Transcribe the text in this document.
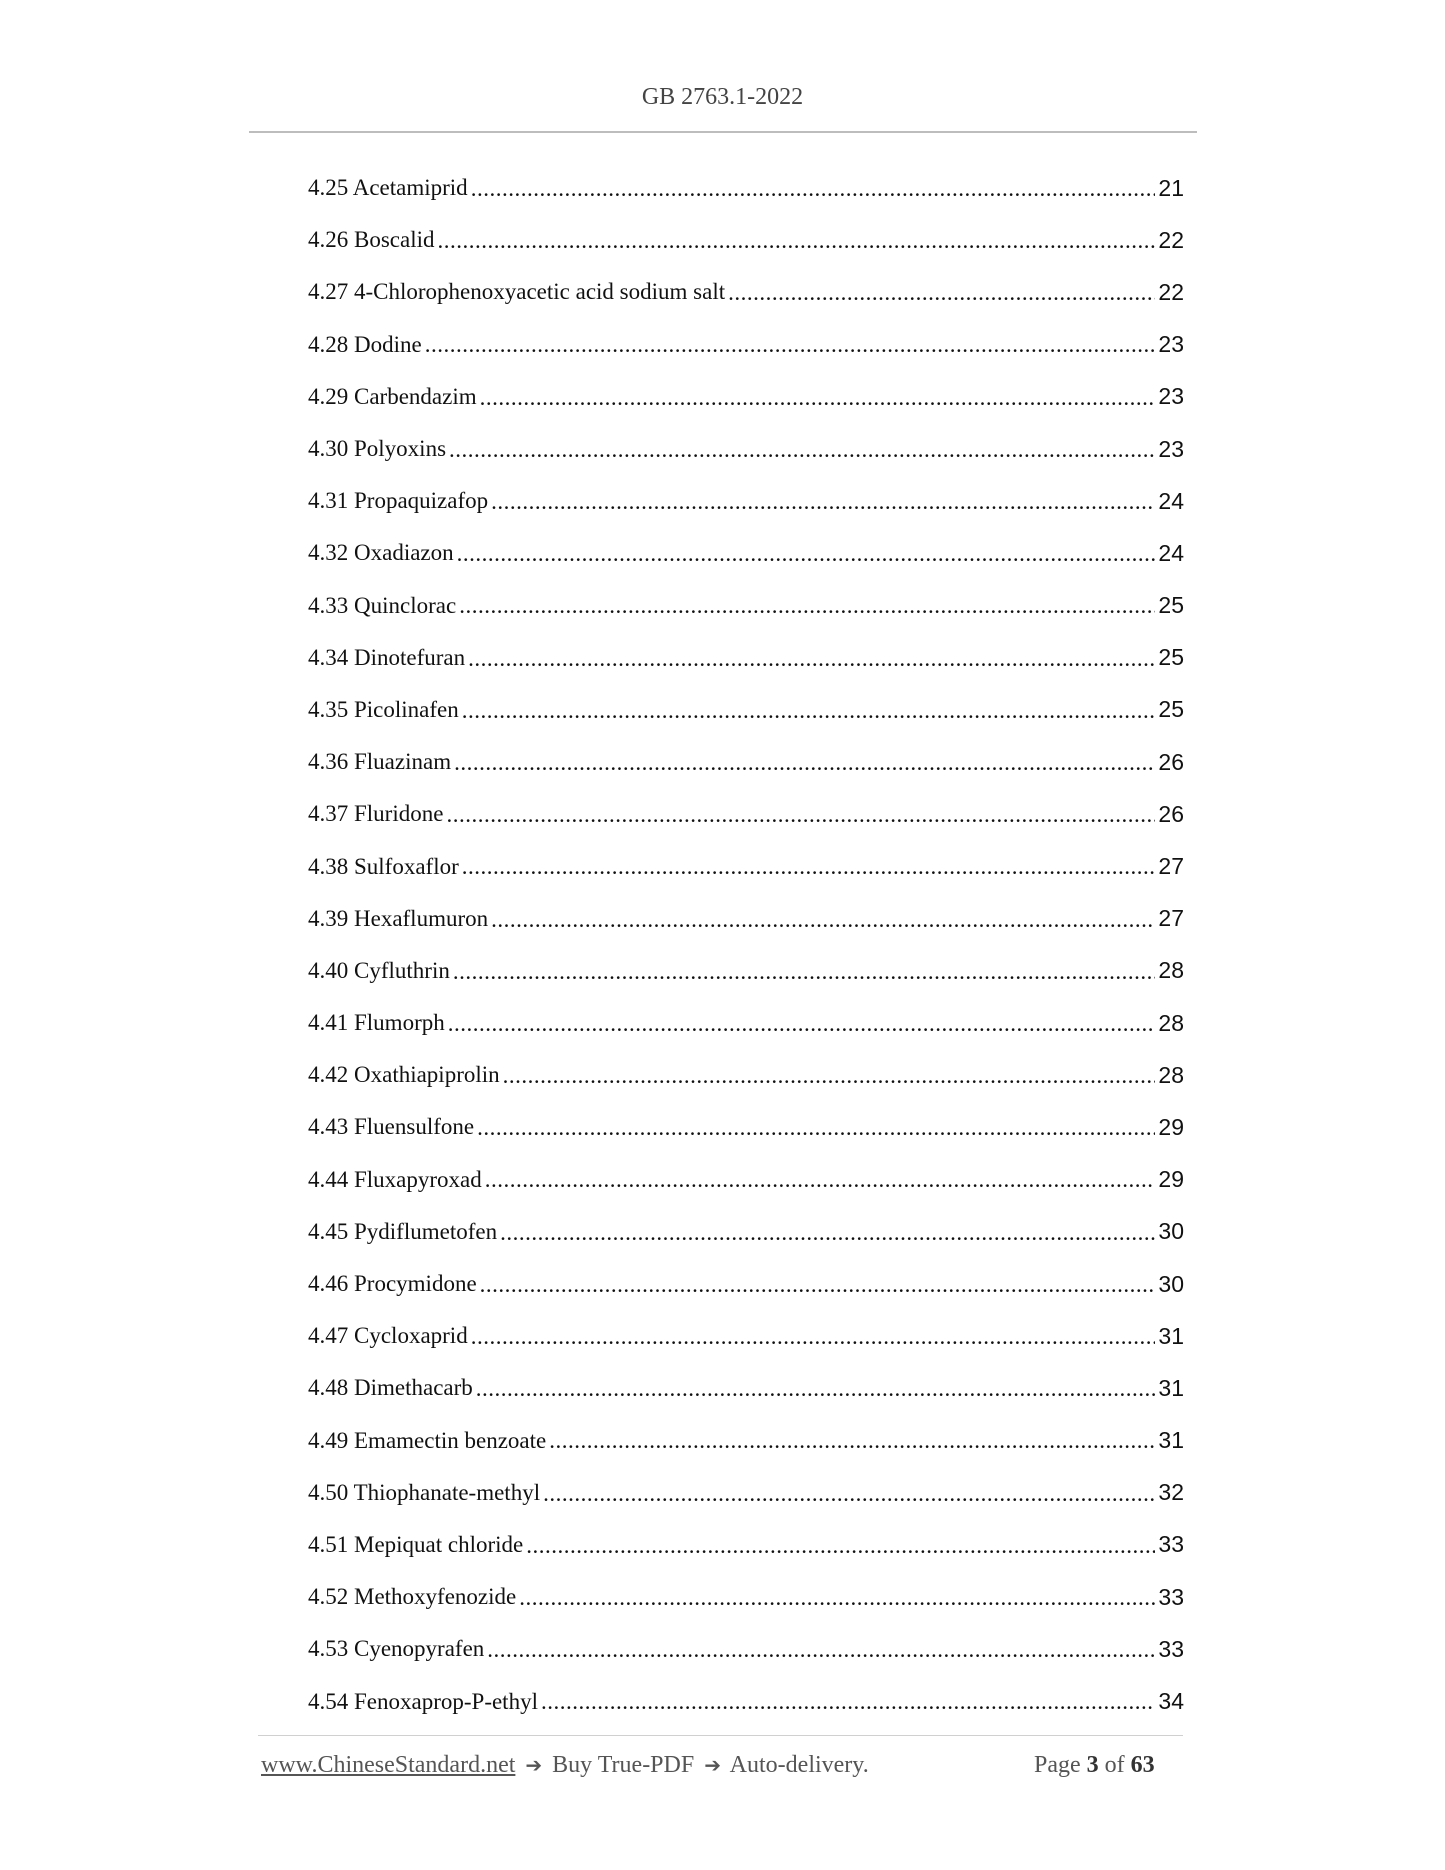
GB 2763.1-2022
4.25 Acetamiprid .....	21
4.26 Boscalid .....	22
4.27 4-Chlorophenoxyacetic acid sodium salt .....	22
4.28 Dodine .....	23
4.29 Carbendazim .....	23
4.30 Polyoxins .....	23
4.31 Propaquizafop .....	24
4.32 Oxadiazon .....	24
4.33 Quinclorac .....	25
4.34 Dinotefuran .....	25
4.35 Picolinafen .....	25
4.36 Fluazinam .....	26
4.37 Fluridone .....	26
4.38 Sulfoxaflor .....	27
4.39 Hexaflumuron .....	27
4.40 Cyfluthrin .....	28
4.41 Flumorph .....	28
4.42 Oxathiapiprolin .....	28
4.43 Fluensulfone .....	29
4.44 Fluxapyroxad .....	29
4.45 Pydiflumetofen .....	30
4.46 Procymidone .....	30
4.47 Cycloxaprid .....	31
4.48 Dimethacarb .....	31
4.49 Emamectin benzoate .....	31
4.50 Thiophanate-methyl .....	32
4.51 Mepiquat chloride .....	33
4.52 Methoxyfenozide .....	33
4.53 Cyenopyrafen .....	33
4.54 Fenoxaprop-P-ethyl .....	34
www.ChineseStandard.net ➔ Buy True-PDF ➔ Auto-delivery.	Page 3 of 63
